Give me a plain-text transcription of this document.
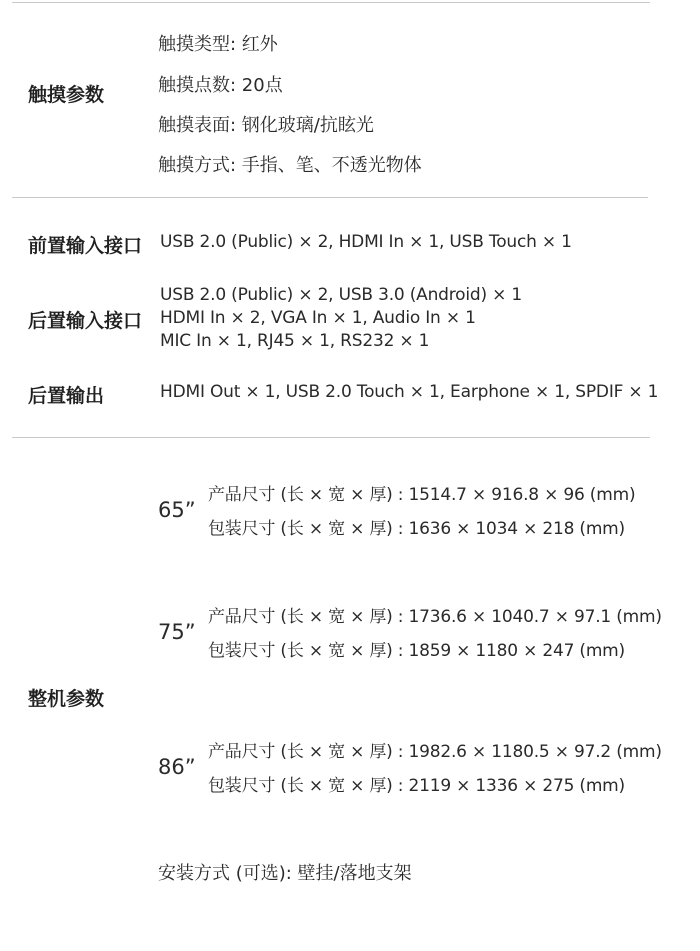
触摸参数
触摸类型: 红外
触摸点数: 20点
触摸表面: 钢化玻璃/抗眩光
触摸方式: 手指、笔、不透光物体
前置输入接口 USB 2.0 (Public) × 2, HDMI In × 1, USB Touch × 1
后置输入接口
USB 2.0 (Public) × 2, USB 3.0 (Android) × 1
HDMI In × 2, VGA In × 1, Audio In × 1
MIC In × 1, RJ45 × 1, RS232 × 1
后置输出	HDMI Out × 1, USB 2.0 Touch × 1, Earphone × 1, SPDIF × 1
整机参数
65”
产品尺寸 (长 × 宽 × 厚) : 1514.7 × 916.8 × 96 (mm)
包装尺寸 (长 × 宽 × 厚) : 1636 × 1034 × 218 (mm)
75”
产品尺寸 (长 × 宽 × 厚) : 1736.6 × 1040.7 × 97.1 (mm)
包装尺寸 (长 × 宽 × 厚) : 1859 × 1180 × 247 (mm)
86”
产品尺寸 (长 × 宽 × 厚) : 1982.6 × 1180.5 × 97.2 (mm)
包装尺寸 (长 × 宽 × 厚) : 2119 × 1336 × 275 (mm)
安装方式 (可选): 壁挂/落地支架
